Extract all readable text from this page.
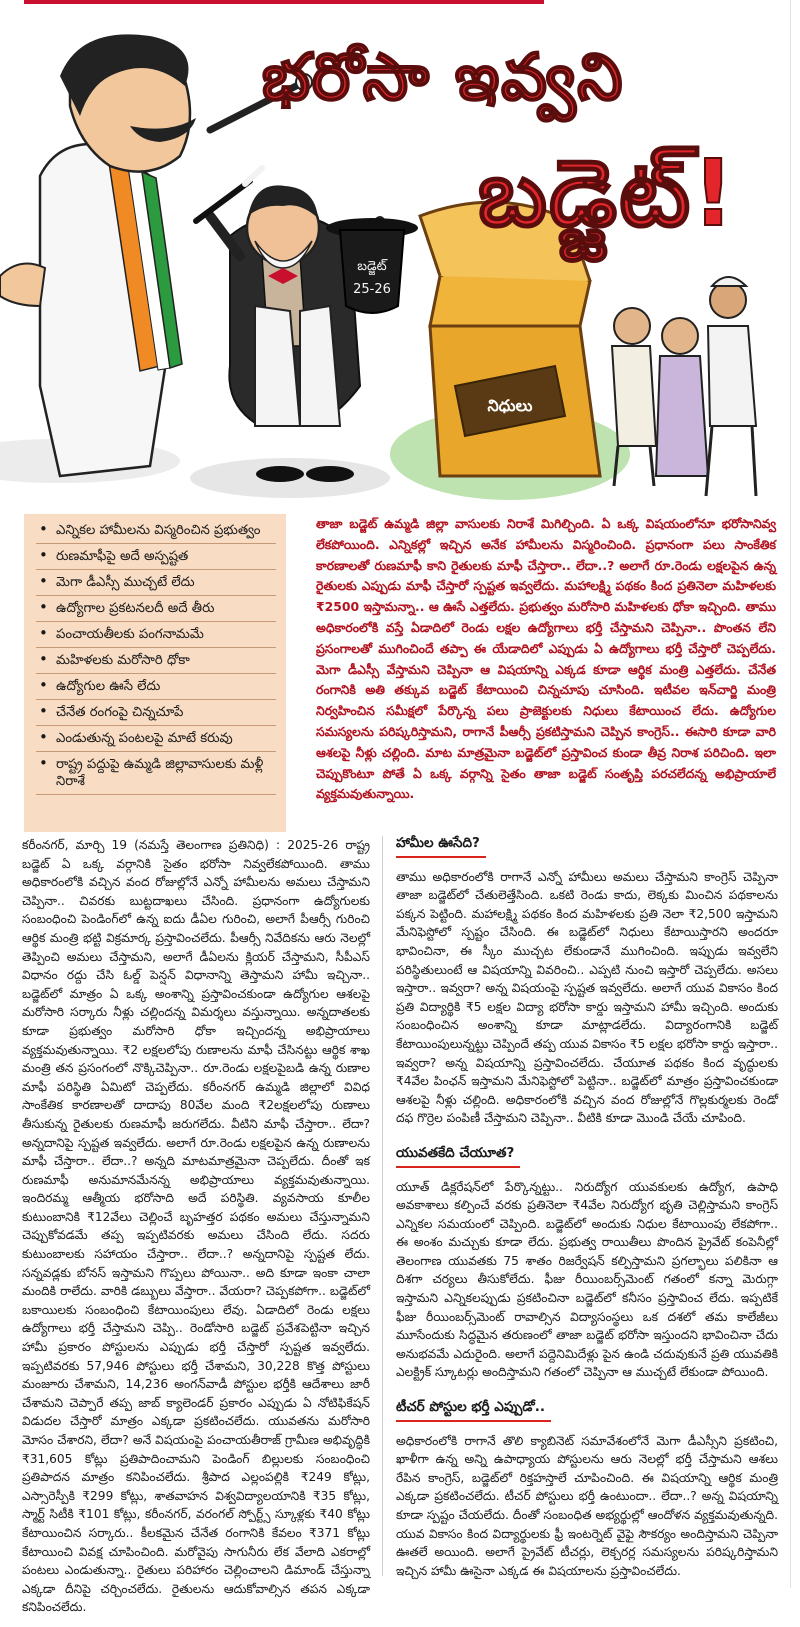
బడ్జెట్
25-26
నిధులు
భరోసా ఇవ్వని
బడ్జెట్!
• ఎన్నికల హామీలను విస్మరించిన ప్రభుత్వం
• రుణమాఫీపై అదే అస్పష్టత
• మెగా డీఎస్సీ ముచ్చటే లేదు
• ఉద్యోగాల ప్రకటనలదీ అదే తీరు
• పంచాయతీలకు పంగనామమే
• మహిళలకు మరోసారి ధోకా
• ఉద్యోగుల ఊసే లేదు
• చేనేత రంగంపై చిన్నచూపే
• ఎండుతున్న పంటలపై మాటే కరువు
• రాష్ట్ర పద్దుపై ఉమ్మడి జిల్లావాసులకు మళ్లీ నిరాశే
తాజా బడ్జెట్ ఉమ్మడి జిల్లా వాసులకు నిరాశే మిగిల్చింది. ఏ ఒక్క విషయంలోనూ భరోసానివ్వ లేకపోయింది. ఎన్నికల్లో ఇచ్చిన అనేక హామీలను విస్మరించింది. ప్రధానంగా పలు సాంకేతిక కారణాలతో రుణమాఫీ కాని రైతులకు మాఫీ చేస్తారా.. లేదా..? అలాగే రూ.రెండు లక్షలపైన ఉన్న రైతులకు ఎప్పుడు మాఫీ చేస్తారో స్పష్టత ఇవ్వలేదు. మహాలక్ష్మి పథకం కింద ప్రతినెలా మహిళలకు ₹2500 ఇస్తామన్నా.. ఆ ఊసే ఎత్తలేదు. ప్రభుత్వం మరోసారి మహిళలకు ధోకా ఇచ్చింది. తాము అధికారంలోకి వస్తే ఏడాదిలో రెండు లక్షల ఉద్యోగాలు భర్తీ చేస్తామని చెప్పినా.. పొంతన లేని ప్రసంగాలతో ముగించిందే తప్పా ఈ యేడాదిలో ఎప్పుడు ఏ ఉద్యోగాలు భర్తీ చేస్తారో చెప్పలేదు. మెగా డీఎస్సీ వేస్తామని చెప్పినా ఆ విషయాన్ని ఎక్కడ కూడా ఆర్థిక మంత్రి ఎత్తలేదు. చేనేత రంగానికి అతి తక్కువ బడ్జెట్ కేటాయించి చిన్నచూపు చూసింది. ఇటీవల ఇన్‌చార్జి మంత్రి నిర్వహించిన సమీక్షలో పేర్కొన్న పలు ప్రాజెక్టులకు నిధులు కేటాయించ లేదు. ఉద్యోగుల సమస్యలను పరిష్కరిస్తామని, రాగానే పీఆర్సీ ప్రకటిస్తామని చెప్పిన కాంగ్రెస్.. ఈసారి కూడా వారి ఆశలపై నీళ్లు చల్లింది. మాట మాత్రమైనా బడ్జెట్‌లో ప్రస్తావించ కుండా తీవ్ర నిరాశ పరిచింది. ఇలా చెప్పుకొంటూ పోతే ఏ ఒక్క వర్గాన్ని సైతం తాజా బడ్జెట్ సంతృప్తి పరచలేదన్న అభిప్రాయాలే వ్యక్తమవుతున్నాయి.
కరీంనగర్, మార్చి 19 (నమస్తే తెలంగాణ ప్రతినిధి) : 2025-26 రాష్ట్ర బడ్జెట్ ఏ ఒక్క వర్గానికి సైతం భరోసా నివ్వలేకపోయింది. తాము అధికారంలోకి వచ్చిన వంద రోజుల్లోనే ఎన్నో హామీలను అమలు చేస్తామని చెప్పినా.. చివరకు బుట్టదాఖలు చేసింది. ప్రధానంగా ఉద్యోగులకు సంబంధించి పెండింగ్‌లో ఉన్న ఐదు డీఏల గురించి, అలాగే పీఆర్సీ గురించి ఆర్థిక మంత్రి భట్టి విక్రమార్క ప్రస్తావించలేదు. పీఆర్సీ నివేదికను ఆరు నెలల్లో తెప్పించి అమలు చేస్తామని, అలాగే డీఏలను క్లియర్ చేస్తామని, సీపీఎస్ విధానం రద్దు చేసి ఓల్డ్ పెన్షన్ విధానాన్ని తెస్తామని హామీ ఇచ్చినా.. బడ్జెట్‌లో మాత్రం ఏ ఒక్క అంశాన్ని ప్రస్తావించకుండా ఉద్యోగుల ఆశలపై మరోసారి సర్కారు నీళ్లు చల్లిందన్న విమర్శలు వస్తున్నాయి. అన్నదాతలకు కూడా ప్రభుత్వం మరోసారి ధోకా ఇచ్చిందన్న అభిప్రాయాలు వ్యక్తమవుతున్నాయి. ₹2 లక్షలలోపు రుణాలను మాఫీ చేసినట్టు ఆర్థిక శాఖ మంత్రి తన ప్రసంగంలో నొక్కిచెప్పినా.. రూ.రెండు లక్షలపైబడి ఉన్న రుణాల మాఫీ పరిస్థితి ఏమిటో చెప్పలేదు. కరీంనగర్ ఉమ్మడి జిల్లాలో వివిధ సాంకేతిక కారణాలతో దాదాపు 80వేల మంది ₹2లక్షలలోపు రుణాలు తీసుకున్న రైతులకు రుణమాఫీ జరుగలేదు. వీటిని మాఫీ చేస్తారా.. లేదా? అన్నదానిపై స్పష్టత ఇవ్వలేదు. అలాగే రూ.రెండు లక్షలపైన ఉన్న రుణాలను మాఫీ చేస్తారా.. లేదా..? అన్నది మాటమాత్రమైనా చెప్పలేదు. దీంతో ఇక రుణమాఫీ అనుమానమేనన్న అభిప్రాయాలు వ్యక్తమవుతున్నాయి. ఇందిరమ్మ ఆత్మీయ భరోసాది అదే పరిస్థితి. వ్యవసాయ కూలీల కుటుంబానికి ₹12వేలు చెల్లించే బృహత్తర పథకం అమలు చేస్తున్నామని చెప్పుకోవడమే తప్ప ఇప్పటివరకు అమలు చేసింది లేదు. సదరు కుటుంబాలకు సహాయం చేస్తారా.. లేదా..? అన్నదానిపై స్పష్టత లేదు. సన్నవడ్లకు బోనస్ ఇస్తామని గొప్పలు పోయినా.. అది కూడా ఇంకా చాలా మందికి రాలేదు. వారికి డబ్బులు వేస్తారా.. వేయరా? చెప్పకపోగా.. బడ్జెట్‌లో బకాయిలకు సంబంధించి కేటాయింపులు లేవు. ఏడాదిలో రెండు లక్షలు ఉద్యోగాలు భర్తీ చేస్తామని చెప్పి.. రెండోసారి బడ్జెట్ ప్రవేశపెట్టినా ఇచ్చిన హామీ ప్రకారం పోస్టులను ఎప్పుడు భర్తీ చేస్తారో స్పష్టత ఇవ్వలేదు. ఇప్పటివరకు 57,946 పోస్టులు భర్తీ చేశామని, 30,228 కొత్త పోస్టులు మంజూరు చేశామని, 14,236 అంగన్‌వాడీ పోస్టుల భర్తీకి ఆదేశాలు జారీ చేశామని చెప్పారే తప్ప జాబ్ క్యాలెండర్ ప్రకారం ఎప్పుడు ఏ నోటిఫికేషన్ విడుదల చేస్తారో మాత్రం ఎక్కడా ప్రకటించలేదు. యువతను మరోసారి మోసం చేశారని, లేదా? అనే విషయంపై పంచాయతీరాజ్ గ్రామీణ అభివృద్ధికి ₹31,605 కోట్లు ప్రతిపాదించామని పెండింగ్ బిల్లులకు సంబంధించి ప్రతిపాదన మాత్రం కనిపించలేదు. శ్రీపాద ఎల్లంపల్లికి ₹249 కోట్లు, ఎస్సారెస్పీకి ₹299 కోట్లు, శాతవాహన విశ్వవిద్యాలయానికి ₹35 కోట్లు, స్మార్ట్ సిటీకి ₹101 కోట్లు, కరీంనగర్, వరంగల్ స్పోర్ట్స్ స్కూళ్లకు ₹40 కోట్లు కేటాయించిన సర్కారు.. కీలకమైన చేనేత రంగానికి కేవలం ₹371 కోట్లు కేటాయించి వివక్ష చూపించింది. మరోవైపు సాగునీరు లేక వేలాది ఎకరాల్లో పంటలు ఎండుతున్నా.. రైతులు పరిహారం చెల్లించాలని డిమాండ్ చేస్తున్నా ఎక్కడా దీనిపై చర్చించలేదు. రైతులను ఆదుకోవాల్సిన తపన ఎక్కడా కనిపించలేదు.
హామీల ఊసేది?
తాము అధికారంలోకి రాగానే ఎన్నో హామీలు అమలు చేస్తామని కాంగ్రెస్ చెప్పినా తాజా బడ్జెట్‌లో చేతులెత్తేసింది. ఒకటి రెండు కాదు, లెక్కకు మించిన పథకాలను పక్కన పెట్టింది. మహాలక్ష్మి పథకం కింద మహిళలకు ప్రతి నెలా ₹2,500 ఇస్తామని మేనిఫెస్టోలో స్పష్టం చేసింది. ఈ బడ్జెట్‌లో నిధులు కేటాయిస్తారని అందరూ భావించినా, ఈ స్కీం ముచ్చట లేకుండానే ముగించింది. ఇప్పుడు ఇవ్వలేని పరిస్థితులుంటే ఆ విషయాన్ని వివరించి.. ఎప్పటి నుంచి ఇస్తారో చెప్పలేదు. అసలు ఇస్తారా.. ఇవ్వరా? అన్న విషయంపై స్పష్టత ఇవ్వలేదు. అలాగే యువ వికాసం కింద ప్రతి విద్యార్థికి ₹5 లక్షల విద్యా భరోసా కార్డు ఇస్తామని హామీ ఇచ్చింది. అందుకు సంబంధించిన అంశాన్ని కూడా మాట్లాడలేదు. విద్యారంగానికి బడ్జెట్ కేటాయింపులున్నట్టు చెప్పిందే తప్ప యువ వికాసం ₹5 లక్షల భరోసా కార్డు ఇస్తారా.. ఇవ్వరా? అన్న విషయాన్ని ప్రస్తావించలేదు. చేయూత పథకం కింద వృద్ధులకు ₹4వేల పింఛన్ ఇస్తామని మేనిఫెస్టోలో పెట్టినా.. బడ్జెట్‌లో మాత్రం ప్రస్తావించకుండా ఆశలపై నీళ్లు చల్లింది. అధికారంలోకి వచ్చిన వంద రోజుల్లోనే గొల్లకుర్మలకు రెండో దఫ గొర్రెల పంపిణీ చేస్తామని చెప్పినా.. వీటికి కూడా మొండి చేయే చూపింది.
యువతకేది చేయూత?
యూత్ డిక్లరేషన్‌లో పేర్కొన్నట్టు.. నిరుద్యోగ యువకులకు ఉద్యోగ, ఉపాధి అవకాశాలు కల్పించే వరకు ప్రతినెలా ₹4వేల నిరుద్యోగ భృతి చెల్లిస్తామని కాంగ్రెస్ ఎన్నికల సమయంలో చెప్పింది. బడ్జెట్‌లో అందుకు నిధుల కేటాయింపు లేకపోగా.. ఈ అంశం మచ్చుకు కూడా లేదు. ప్రభుత్వ రాయితీలు పొందిన ప్రైవేట్ కంపెనీల్లో తెలంగాణ యువతకు 75 శాతం రిజర్వేషన్ కల్పిస్తామని ప్రగల్భాలు పలికినా ఆ దిశగా చర్యలు తీసుకోలేదు. ఫీజు రీయింబర్స్‌మెంట్ గతంలో కన్నా మెరుగ్గా ఇస్తామని ఎన్నికలప్పుడు ప్రకటించినా బడ్జెట్‌లో కనీసం ప్రస్తావించ లేదు. ఇప్పటికే ఫీజు రీయింబర్స్‌మెంట్ రావాల్సిన విద్యాసంస్థలు ఒక దశలో తమ కాలేజీలు మూసేందుకు సిద్ధమైన తరుణంలో తాజా బడ్జెట్ భరోసా ఇస్తుందని భావించినా చేదు అనుభవమే ఎదురైంది. అలాగే పద్దెనిమిదేళ్లు పైన ఉండి చదువుకునే ప్రతి యువతికి ఎలక్ట్రిక్ స్కూటర్లు అందిస్తామని గతంలో చెప్పినా ఆ ముచ్చటే లేకుండా పోయింది.
టీచర్ పోస్టుల భర్తీ ఎప్పుడో..
అధికారంలోకి రాగానే తొలి క్యాబినెట్ సమావేశంలోనే మెగా డీఎస్సీని ప్రకటించి, ఖాళీగా ఉన్న అన్ని ఉపాధ్యాయ పోస్టులను ఆరు నెలల్లో భర్తీ చేస్తామని ఆశలు రేపిన కాంగ్రెస్, బడ్జెట్‌లో రిక్తహస్తాలే చూపించింది. ఈ విషయాన్ని ఆర్థిక మంత్రి ఎక్కడా ప్రకటించలేదు. టీచర్ పోస్టులు భర్తీ ఉంటుందా.. లేదా..? అన్న విషయాన్ని కూడా స్పష్టం చేయలేదు. దీంతో సంబంధిత అభ్యర్థుల్లో ఆందోళన వ్యక్తమవుతున్నది. యువ వికాసం కింద విద్యార్థులకు ఫ్రీ ఇంటర్నెట్ వైఫై సౌకర్యం అందిస్తామని చెప్పినా ఊతలే అయింది. అలాగే ప్రైవేట్ టీచర్లు, లెక్చరర్ల సమస్యలను పరిష్కరిస్తామని ఇచ్చిన హామీ ఊసైనా ఎక్కడ ఈ విషయాలను ప్రస్తావించలేదు.
